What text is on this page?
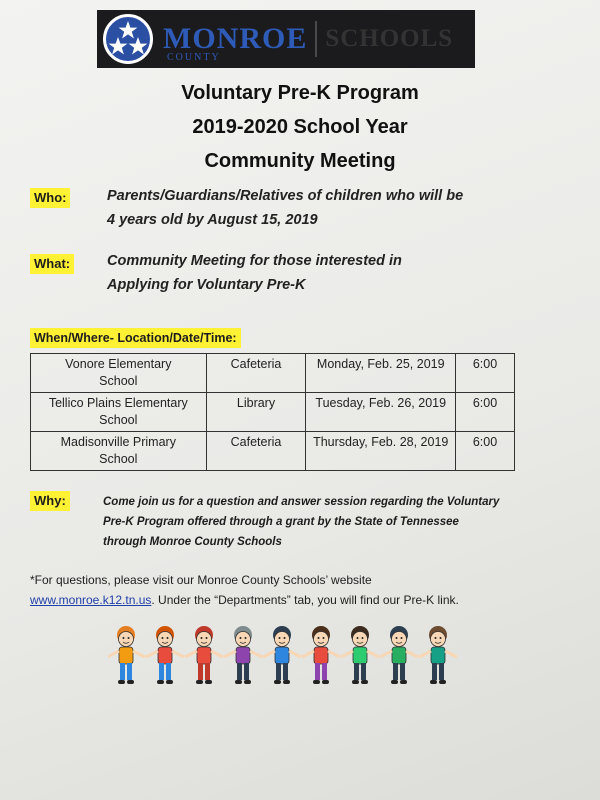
MONROE
COUNTY
SCHOOLS
Voluntary Pre-K Program
2019-2020 School Year
Community Meeting
Who:	Parents/Guardians/Relatives of children who will be
4 years old by August 15, 2019
What:	Community Meeting for those interested in
Applying for Voluntary Pre-K
When/Where- Location/Date/Time:
Vonore Elementary
School	Cafeteria	Monday, Feb. 25, 2019	6:00

Tellico Plains Elementary
School	Library	Tuesday, Feb. 26, 2019	6:00

Madisonville Primary
School	Cafeteria	Thursday, Feb. 28, 2019	6:00
Why:	Come join us for a question and answer session regarding the Voluntary
Pre-K Program offered through a grant by the State of Tennessee
through Monroe County Schools
*For questions, please visit our Monroe County Schools’ website
www.monroe.k12.tn.us. Under the “Departments” tab, you will find our Pre-K link.
